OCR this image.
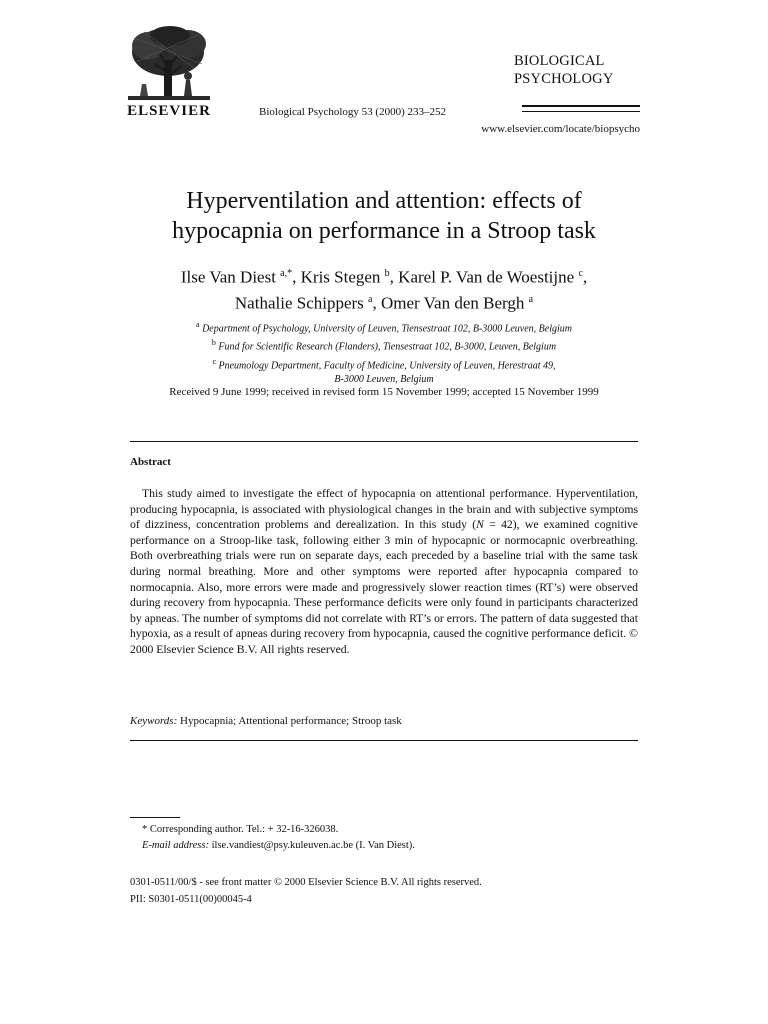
ELSEVIER	Biological Psychology 53 (2000) 233–252
BIOLOGICAL
PSYCHOLOGY
www.elsevier.com/locate/biopsycho
Hyperventilation and attention: effects of
hypocapnia on performance in a Stroop task
Ilse Van Diest $^{a,*}$, Kris Stegen $^b$, Karel P. Van de Woestijne $^c$,
Nathalie Schippers $^a$, Omer Van den Bergh $^a$
$^a$ Department of Psychology, University of Leuven, Tiensestraat 102, B-3000 Leuven, Belgium
$^b$ Fund for Scientific Research (Flanders), Tiensestraat 102, B-3000, Leuven, Belgium
$^c$ Pneumology Department, Faculty of Medicine, University of Leuven, Herestraat 49,
B-3000 Leuven, Belgium
Received 9 June 1999; received in revised form 15 November 1999; accepted 15 November 1999
Abstract
This study aimed to investigate the effect of hypocapnia on attentional performance. Hyperventilation, producing hypocapnia, is associated with physiological changes in the brain and with subjective symptoms of dizziness, concentration problems and derealization. In this study (N = 42), we examined cognitive performance on a Stroop-like task, following either 3 min of hypocapnic or normocapnic overbreathing. Both overbreathing trials were run on separate days, each preceded by a baseline trial with the same task during normal breathing. More and other symptoms were reported after hypocapnia compared to normocapnia. Also, more errors were made and progressively slower reaction times (RT’s) were observed during recovery from hypocapnia. These performance deficits were only found in participants characterized by apneas. The number of symptoms did not correlate with RT’s or errors. The pattern of data suggested that hypoxia, as a result of apneas during recovery from hypocapnia, caused the cognitive performance deficit. © 2000 Elsevier Science B.V. All rights reserved.
Keywords: Hypocapnia; Attentional performance; Stroop task
* Corresponding author. Tel.: + 32-16-326038.
E-mail address: ilse.vandiest@psy.kuleuven.ac.be (I. Van Diest).
0301-0511/00/$ - see front matter © 2000 Elsevier Science B.V. All rights reserved.
PII: S0301-0511(00)00045-4
